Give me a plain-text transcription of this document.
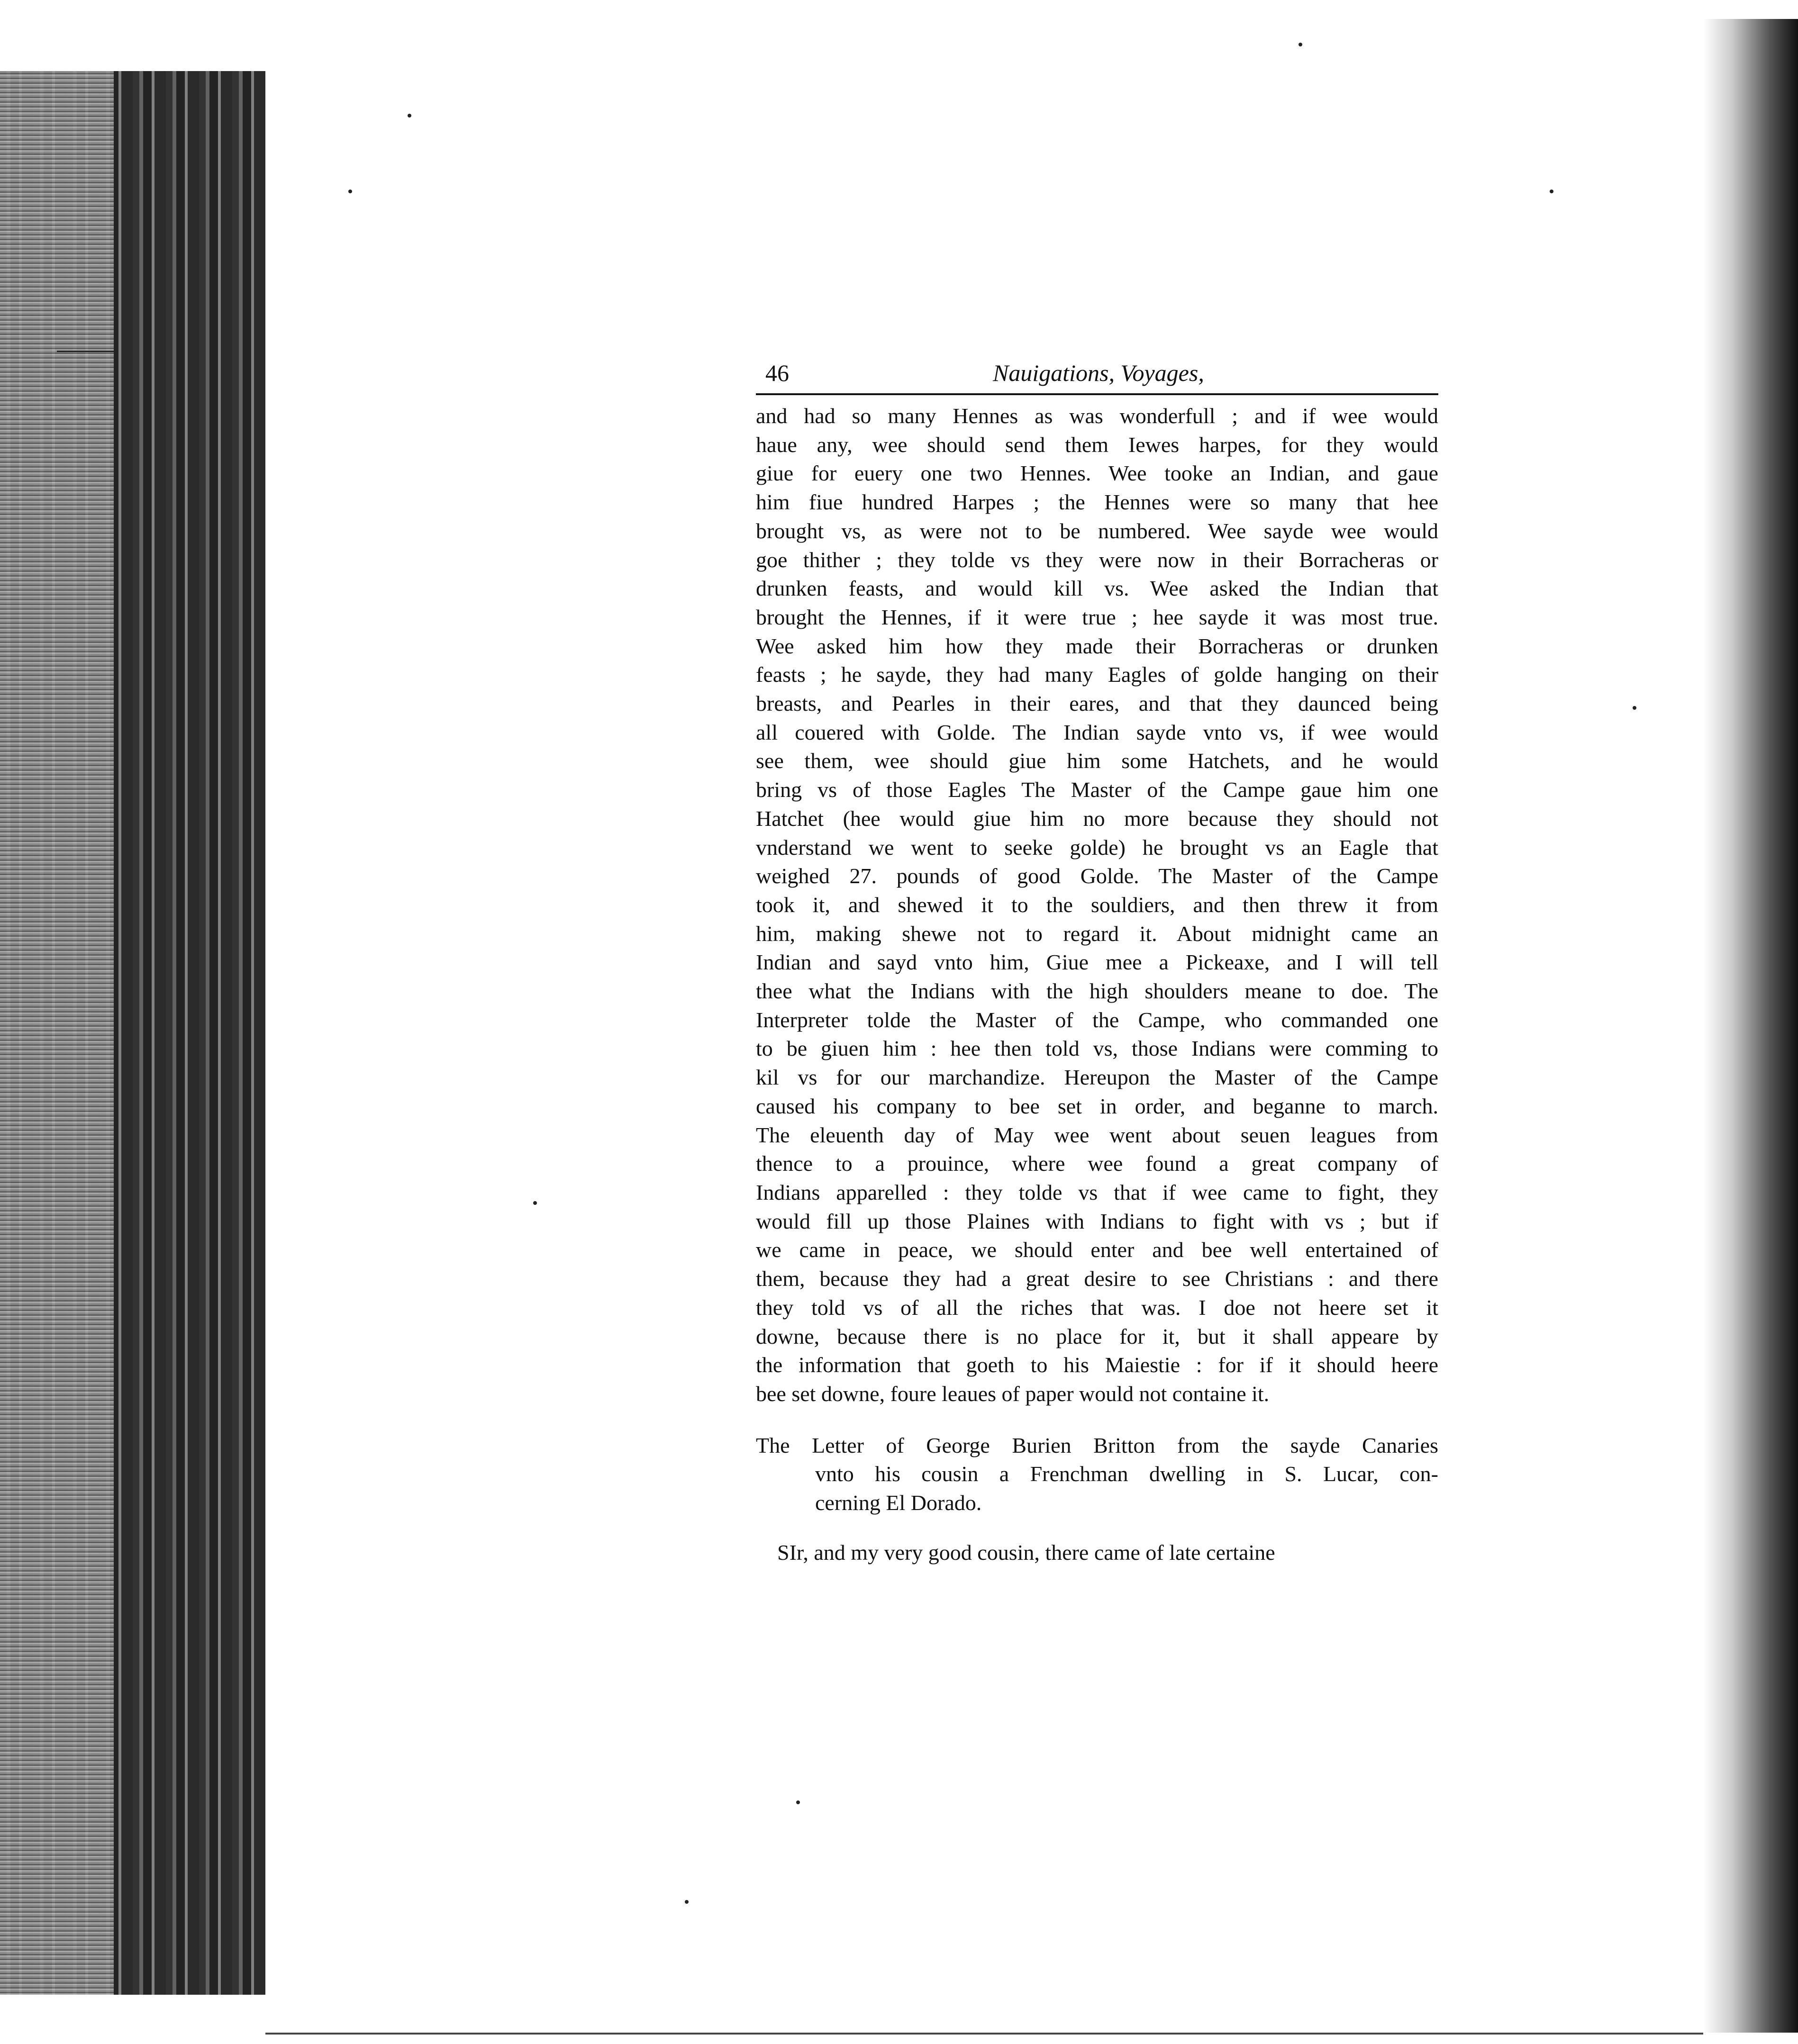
46	Nauigations, Voyages,
and had so many Hennes as was wonderfull ; and if wee would
haue any, wee should send them Iewes harpes, for they would
giue for euery one two Hennes. Wee tooke an Indian, and gaue
him fiue hundred Harpes ; the Hennes were so many that hee
brought vs, as were not to be numbered. Wee sayde wee would
goe thither ; they tolde vs they were now in their Borracheras or
drunken feasts, and would kill vs. Wee asked the Indian that
brought the Hennes, if it were true ; hee sayde it was most true.
Wee asked him how they made their Borracheras or drunken
feasts ; he sayde, they had many Eagles of golde hanging on their
breasts, and Pearles in their eares, and that they daunced being
all couered with Golde. The Indian sayde vnto vs, if wee would
see them, wee should giue him some Hatchets, and he would
bring vs of those Eagles The Master of the Campe gaue him one
Hatchet (hee would giue him no more because they should not
vnderstand we went to seeke golde) he brought vs an Eagle that
weighed 27. pounds of good Golde. The Master of the Campe
took it, and shewed it to the souldiers, and then threw it from
him, making shewe not to regard it. About midnight came an
Indian and sayd vnto him, Giue mee a Pickeaxe, and I will tell
thee what the Indians with the high shoulders meane to doe. The
Interpreter tolde the Master of the Campe, who commanded one
to be giuen him : hee then told vs, those Indians were comming to
kil vs for our marchandize. Hereupon the Master of the Campe
caused his company to bee set in order, and beganne to march.
The eleuenth day of May wee went about seuen leagues from
thence to a prouince, where wee found a great company of
Indians apparelled : they tolde vs that if wee came to fight, they
would fill up those Plaines with Indians to fight with vs ; but if
we came in peace, we should enter and bee well entertained of
them, because they had a great desire to see Christians : and there
they told vs of all the riches that was. I doe not heere set it
downe, because there is no place for it, but it shall appeare by
the information that goeth to his Maiestie : for if it should heere
bee set downe, foure leaues of paper would not containe it.
The Letter of George Burien Britton from the sayde Canaries
vnto his cousin a Frenchman dwelling in S. Lucar, con-
cerning El Dorado.
SIr, and my very good cousin, there came of late certaine
